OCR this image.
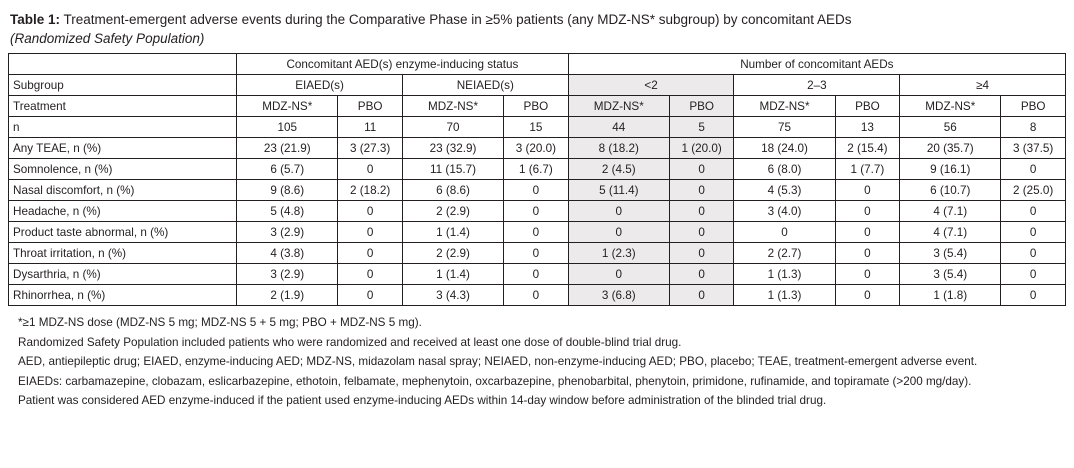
Table 1: Treatment-emergent adverse events during the Comparative Phase in ≥5% patients (any MDZ-NS* subgroup) by concomitant AEDs
(Randomized Safety Population)
	Concomitant AED(s) enzyme-inducing status				Number of concomitant AEDs					
Subgroup	EIAED(s)		NEIAED(s)		<2		2–3		≥4	
Treatment	MDZ-NS*	PBO	MDZ-NS*	PBO	MDZ-NS*	PBO	MDZ-NS*	PBO	MDZ-NS*	PBO
n	105	11	70	15	44	5	75	13	56	8
Any TEAE, n (%)	23 (21.9)	3 (27.3)	23 (32.9)	3 (20.0)	8 (18.2)	1 (20.0)	18 (24.0)	2 (15.4)	20 (35.7)	3 (37.5)
Somnolence, n (%)	6 (5.7)	0	11 (15.7)	1 (6.7)	2 (4.5)	0	6 (8.0)	1 (7.7)	9 (16.1)	0
Nasal discomfort, n (%)	9 (8.6)	2 (18.2)	6 (8.6)	0	5 (11.4)	0	4 (5.3)	0	6 (10.7)	2 (25.0)
Headache, n (%)	5 (4.8)	0	2 (2.9)	0	0	0	3 (4.0)	0	4 (7.1)	0
Product taste abnormal, n (%)	3 (2.9)	0	1 (1.4)	0	0	0	0	0	4 (7.1)	0
Throat irritation, n (%)	4 (3.8)	0	2 (2.9)	0	1 (2.3)	0	2 (2.7)	0	3 (5.4)	0
Dysarthria, n (%)	3 (2.9)	0	1 (1.4)	0	0	0	1 (1.3)	0	3 (5.4)	0
Rhinorrhea, n (%)	2 (1.9)	0	3 (4.3)	0	3 (6.8)	0	1 (1.3)	0	1 (1.8)	0
*≥1 MDZ-NS dose (MDZ-NS 5 mg; MDZ-NS 5 + 5 mg; PBO + MDZ-NS 5 mg).
Randomized Safety Population included patients who were randomized and received at least one dose of double-blind trial drug.
AED, antiepileptic drug; EIAED, enzyme-inducing AED; MDZ-NS, midazolam nasal spray; NEIAED, non-enzyme-inducing AED; PBO, placebo; TEAE, treatment-emergent adverse event.
EIAEDs: carbamazepine, clobazam, eslicarbazepine, ethotoin, felbamate, mephenytoin, oxcarbazepine, phenobarbital, phenytoin, primidone, rufinamide, and topiramate (>200 mg/day).
Patient was considered AED enzyme-induced if the patient used enzyme-inducing AEDs within 14-day window before administration of the blinded trial drug.
